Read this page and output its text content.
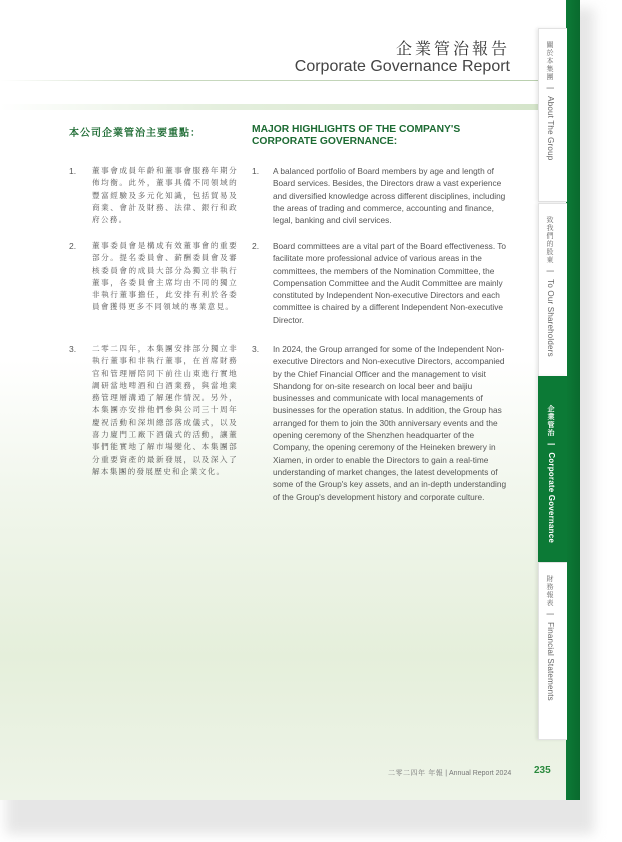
企業管治報告
Corporate Governance Report
本公司企業管治主要重點：	MAJOR HIGHLIGHTS OF THE COMPANY'S CORPORATE GOVERNANCE:
1. 董事會成員年齡和董事會服務年期分佈均衡。此外，董事具備不同領域的豐富經驗及多元化知識，包括貿易及商業、會計及財務、法律、銀行和政府公務。
1. A balanced portfolio of Board members by age and length of Board services. Besides, the Directors draw a vast experience and diversified knowledge across different disciplines, including the areas of trading and commerce, accounting and finance, legal, banking and civil services.
2. 董事委員會是構成有效董事會的重要部分。提名委員會、薪酬委員會及審核委員會的成員大部分為獨立非執行董事，各委員會主席均由不同的獨立非執行董事擔任，此安排有利於各委員會獲得更多不同領域的專業意見。
2. Board committees are a vital part of the Board effectiveness. To facilitate more professional advice of various areas in the committees, the members of the Nomination Committee, the Compensation Committee and the Audit Committee are mainly constituted by Independent Non-executive Directors and each committee is chaired by a different Independent Non-executive Director.
3. 二零二四年，本集團安排部分獨立非執行董事和非執行董事，在首席財務官和管理層陪同下前往山東進行實地調研當地啤酒和白酒業務，與當地業務管理層溝通了解運作情況。另外，本集團亦安排他們參與公司三十周年慶祝活動和深圳總部落成儀式，以及喜力廈門工廠下酒儀式的活動，讓董事們能實地了解市場變化、本集團部分重要資產的最新發展，以及深入了解本集團的發展歷史和企業文化。
3. In 2024, the Group arranged for some of the Independent Non-executive Directors and Non-executive Directors, accompanied by the Chief Financial Officer and the management to visit Shandong for on-site research on local beer and baijiu businesses and communicate with local managements of businesses for the operation status. In addition, the Group has arranged for them to join the 30th anniversary events and the opening ceremony of the Shenzhen headquarter of the Company, the opening ceremony of the Heineken brewery in Xiamen, in order to enable the Directors to gain a real-time understanding of market changes, the latest developments of some of the Group's key assets, and an in-depth understanding of the Group's development history and corporate culture.
二零二四年 年報 | Annual Report 2024 235
關於本集團 | About The Group
致我們的股東 | To Our Shareholders
企業管治 | Corporate Governance
財務報表 | Financial Statements
